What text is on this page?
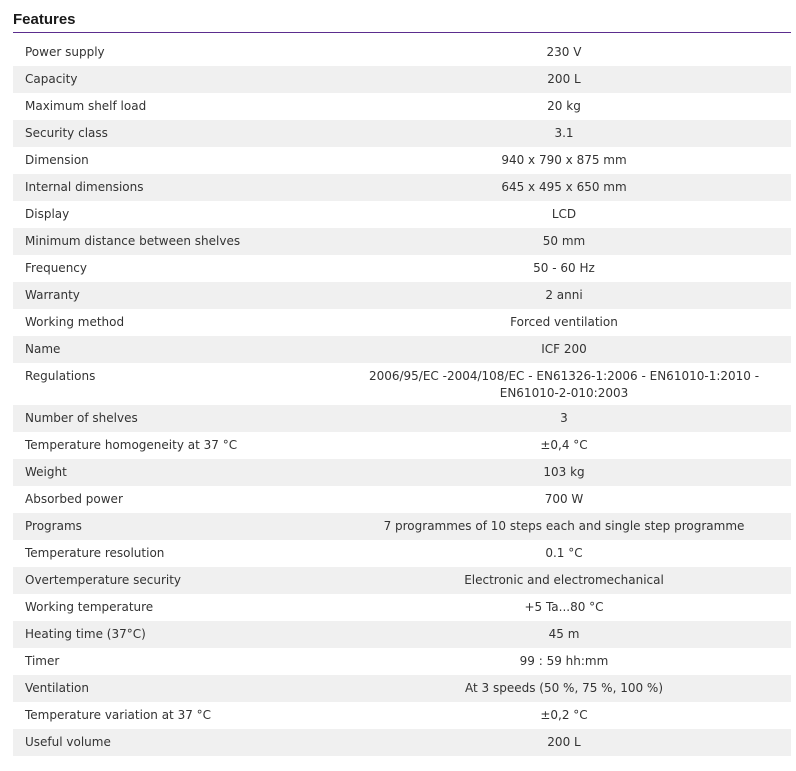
Features
Power supply	230 V
Capacity	200 L
Maximum shelf load	20 kg
Security class	3.1
Dimension	940 x 790 x 875 mm
Internal dimensions	645 x 495 x 650 mm
Display	LCD
Minimum distance between shelves	50 mm
Frequency	50 - 60 Hz
Warranty	2 anni
Working method	Forced ventilation
Name	ICF 200
Regulations	2006/95/EC -2004/108/EC - EN61326-1:2006 - EN61010-1:2010 - EN61010-2-010:2003
Number of shelves	3
Temperature homogeneity at 37 °C	±0,4 °C
Weight	103 kg
Absorbed power	700 W
Programs	7 programmes of 10 steps each and single step programme
Temperature resolution	0.1 °C
Overtemperature security	Electronic and electromechanical
Working temperature	+5 Ta...80 °C
Heating time (37°C)	45 m
Timer	99 : 59 hh:mm
Ventilation	At 3 speeds (50 %, 75 %, 100 %)
Temperature variation at 37 °C	±0,2 °C
Useful volume	200 L
